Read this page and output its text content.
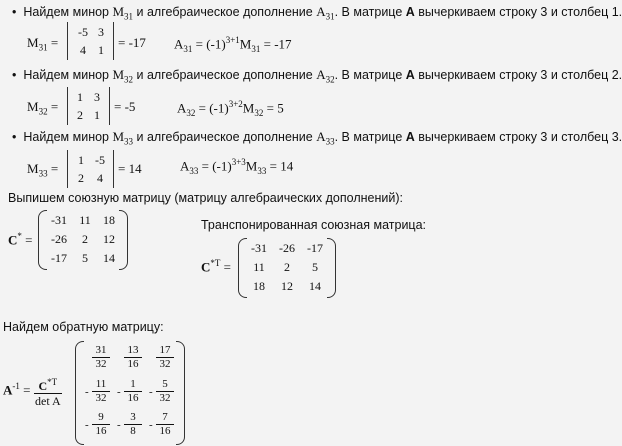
• Найдем минор $M_{31}$ и алгебраическое дополнение $A_{31}$. В матрице A вычеркиваем строку 3 и столбец 1.
$M_{31}$ =
-5 3
4	1	= -17 $A_{31} = (-1)^{3+1}M_{31} = -17$
• Найдем минор $M_{32}$ и алгебраическое дополнение $A_{32}$. В матрице A вычеркиваем строку 3 и столбец 2.
$M_{32}$ =
1 3
2 1
= -5	$A_{32} = (-1)^{3+2}M_{32} = 5$
• Найдем минор $M_{33}$ и алгебраическое дополнение $A_{33}$. В матрице A вычеркиваем строку 3 и столбец 3.
$M_{33}$ =
1 -5
2	4
= 14	$A_{33} = (-1)^{3+3}M_{33} = 14$
Выпишем союзную матрицу (матрицу алгебраических дополнений):
C* =
-31	11	18
-26	2	12
-17	5	14
Транспонированная союзная матрица:
$C^{*T}$ =
-31	-26	-17
11	2	5
18	12	14
Найдем обратную матрицу:
$A^{-1} = C^{*T}$
det A
$\frac{31}{32} \frac{13}{16} \frac{17}{32}$
- $\frac{11}{32} - \frac{1}{16} - \frac{5}{32}$
- $\frac{9}{16} - \frac{3}{8} - \frac{7}{16}$
